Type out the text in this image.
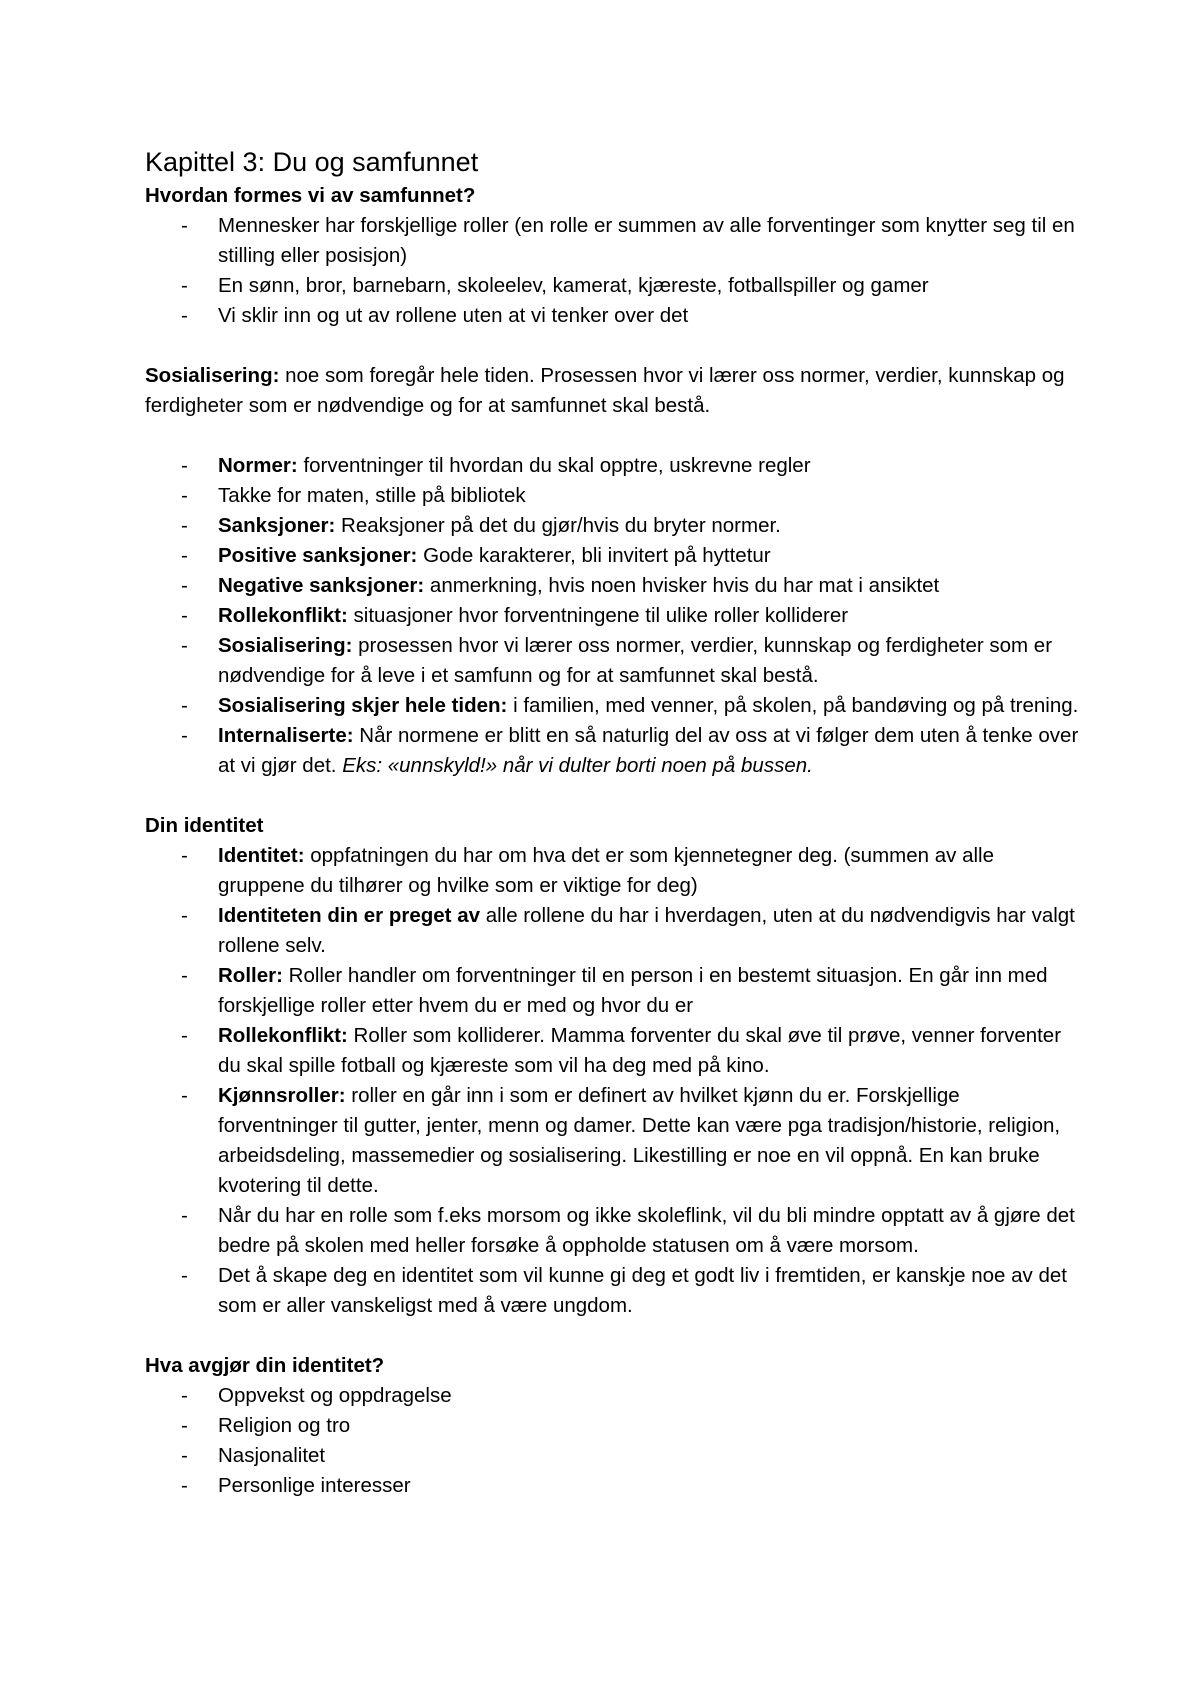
Kapittel 3: Du og samfunnet

Hvordan formes vi av samfunnet?

- Mennesker har forskjellige roller (en rolle er summen av alle forventinger som knytter seg til en stilling eller posisjon)
- En sønn, bror, barnebarn, skoleelev, kamerat, kjæreste, fotballspiller og gamer
- Vi sklir inn og ut av rollene uten at vi tenker over det

Sosialisering: noe som foregår hele tiden. Prosessen hvor vi lærer oss normer, verdier, kunnskap og ferdigheter som er nødvendige og for at samfunnet skal bestå.

- Normer: forventninger til hvordan du skal opptre, uskrevne regler
- Takke for maten, stille på bibliotek
- Sanksjoner: Reaksjoner på det du gjør/hvis du bryter normer.
- Positive sanksjoner: Gode karakterer, bli invitert på hyttetur
- Negative sanksjoner: anmerkning, hvis noen hvisker hvis du har mat i ansiktet
- Rollekonflikt: situasjoner hvor forventningene til ulike roller kolliderer
- Sosialisering: prosessen hvor vi lærer oss normer, verdier, kunnskap og ferdigheter som er nødvendige for å leve i et samfunn og for at samfunnet skal bestå.
- Sosialisering skjer hele tiden: i familien, med venner, på skolen, på bandøving og på trening.
- Internaliserte: Når normene er blitt en så naturlig del av oss at vi følger dem uten å tenke over at vi gjør det. Eks: «unnskyld!» når vi dulter borti noen på bussen.

Din identitet

- Identitet: oppfatningen du har om hva det er som kjennetegner deg. (summen av alle gruppene du tilhører og hvilke som er viktige for deg)
- Identiteten din er preget av alle rollene du har i hverdagen, uten at du nødvendigvis har valgt rollene selv.
- Roller: Roller handler om forventninger til en person i en bestemt situasjon. En går inn med forskjellige roller etter hvem du er med og hvor du er
- Rollekonflikt: Roller som kolliderer. Mamma forventer du skal øve til prøve, venner forventer du skal spille fotball og kjæreste som vil ha deg med på kino.
- Kjønnsroller: roller en går inn i som er definert av hvilket kjønn du er. Forskjellige forventninger til gutter, jenter, menn og damer. Dette kan være pga tradisjon/historie, religion, arbeidsdeling, massemedier og sosialisering. Likestilling er noe en vil oppnå. En kan bruke kvotering til dette.
- Når du har en rolle som f.eks morsom og ikke skoleflink, vil du bli mindre opptatt av å gjøre det bedre på skolen med heller forsøke å oppholde statusen om å være morsom.
- Det å skape deg en identitet som vil kunne gi deg et godt liv i fremtiden, er kanskje noe av det som er aller vanskeligst med å være ungdom.

Hva avgjør din identitet?

- Oppvekst og oppdragelse
- Religion og tro
- Nasjonalitet
- Personlige interesser
